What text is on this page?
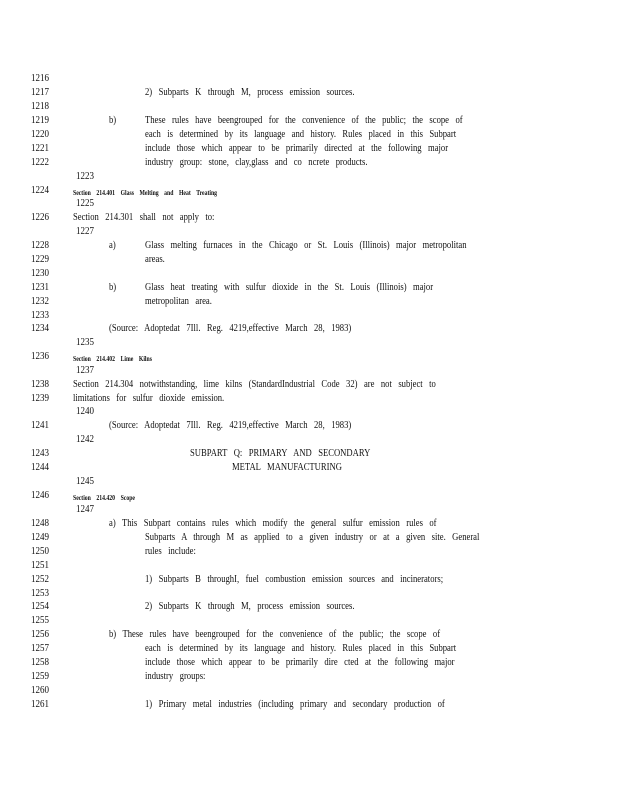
1216
1217	2) Subparts K through M, process emission sources.
1218
1219	b)	These rules have beengrouped for the convenience of the public; the scope of
1220	each is determined by its language and history. Rules placed in this Subpart
1221	include those which appear to be primarily directed at the following major
1222	industry group: stone, clay,glass and co ncrete products.
1223
1224	Section 214.401 Glass Melting and Heat Treating
1225
1226 Section 214.301 shall not apply to:
1227
1228	a)	Glass melting furnaces in the Chicago or St. Louis (Illinois) major metropolitan
1229	areas.
1230
1231	b)	Glass heat treating with sulfur dioxide in the St. Louis (Illinois) major
1232	metropolitan area.
1233
1234	(Source: Adoptedat 7Ill. Reg. 4219,effective March 28, 1983)
1235
1236	Section 214.402 Lime Kilns
1237
1238 Section 214.304 notwithstanding, lime kilns (StandardIndustrial Code 32) are not subject to
1239 limitations for sulfur dioxide emission.
1240
1241	(Source: Adoptedat 7Ill. Reg. 4219,effective March 28, 1983)
1242
1243	SUBPART Q: PRIMARY AND SECONDARY
1244	METAL MANUFACTURING
1245
1246	Section 214.420 Scope
1247
1248	a) This Subpart contains rules which modify the general sulfur emission rules of
1249	Subparts A through M as applied to a given industry or at a given site. General
1250	rules include:
1251
1252	1) Subparts B throughI, fuel combustion emission sources and incinerators;
1253
1254	2) Subparts K through M, process emission sources.
1255
1256	b) These rules have beengrouped for the convenience of the public; the scope of
1257	each is determined by its language and history. Rules placed in this Subpart
1258	include those which appear to be primarily dire cted at the following major
1259	industry groups:
1260
1261	1) Primary metal industries (including primary and secondary production of
